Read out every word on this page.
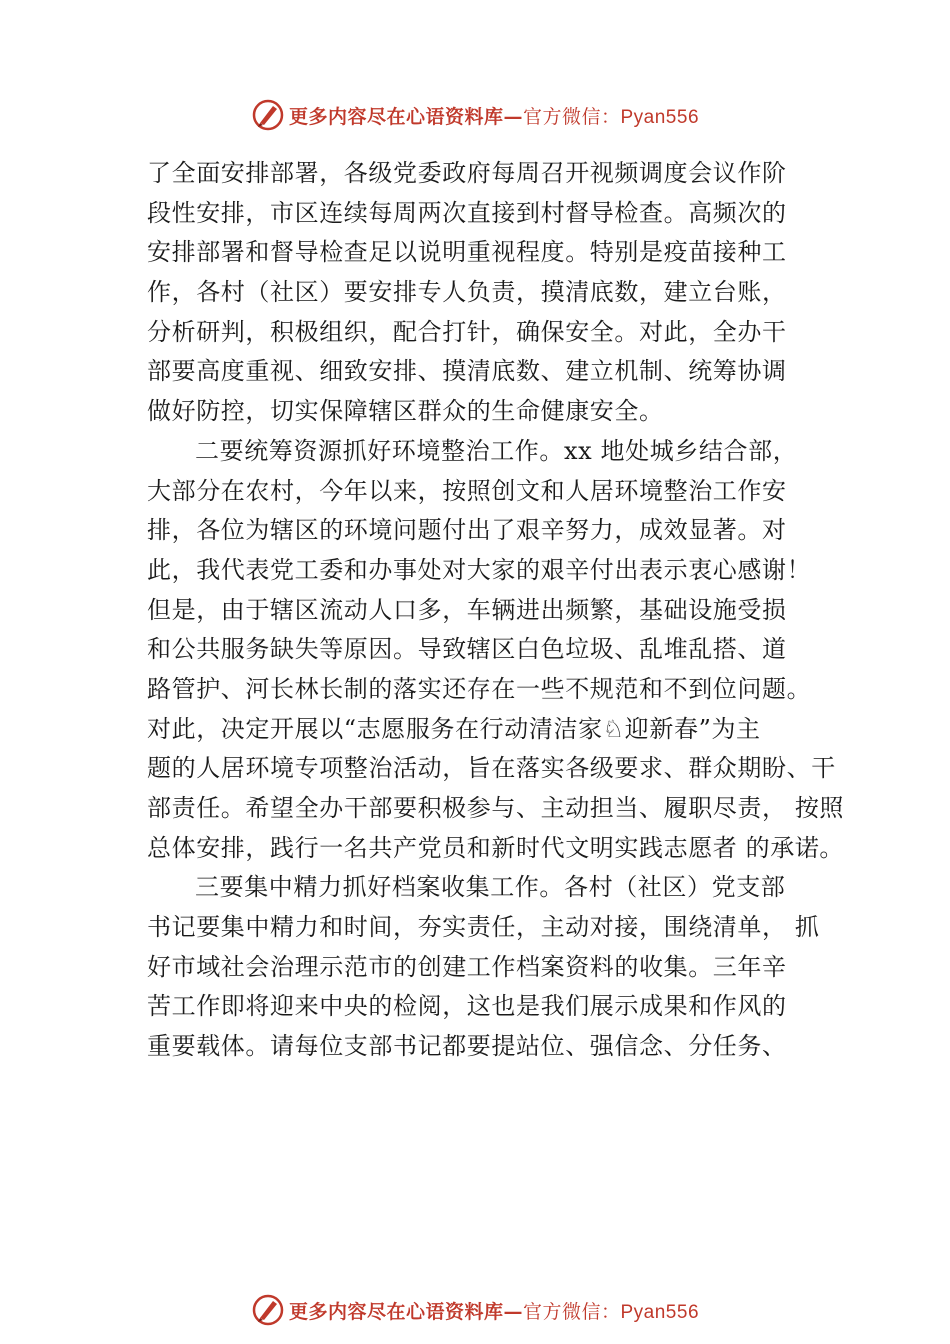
更多内容尽在心语资料库— 官方微信：Pyan556
了全面安排部署，各级党委政府每周召开视频调度会议作阶
段性安排，市区连续每周两次直接到村督导检查。高频次的
安排部署和督导检查足以说明重视程度。特别是疫苗接种工
作，各村（社区）要安排专人负责，摸清底数，建立台账，
分析研判，积极组织，配合打针，确保安全。对此，全办干
部要高度重视、细致安排、摸清底数、建立机制、统筹协调
做好防控，切实保障辖区群众的生命健康安全。
二要统筹资源抓好环境整治工作。xx 地处城乡结合部，
大部分在农村，今年以来，按照创文和人居环境整治工作安
排，各位为辖区的环境问题付出了艰辛努力，成效显著。对
此，我代表党工委和办事处对大家的艰辛付出表示衷心感谢！
但是，由于辖区流动人口多，车辆进出频繁，基础设施受损
和公共服务缺失等原因。导致辖区白色垃圾、乱堆乱搭、道
路管护、河长林长制的落实还存在一些不规范和不到位问题。
对此，决定开展以“志愿服务在行动清洁家♘迎新春”为主
题的人居环境专项整治活动，旨在落实各级要求、群众期盼、干
部责任。希望全办干部要积极参与、主动担当、履职尽责， 按照
总体安排，践行一名共产党员和新时代文明实践志愿者 的承诺。
三要集中精力抓好档案收集工作。各村（社区）党支部
书记要集中精力和时间，夯实责任，主动对接，围绕清单， 抓
好市域社会治理示范市的创建工作档案资料的收集。三年辛
苦工作即将迎来中央的检阅，这也是我们展示成果和作风的
重要载体。请每位支部书记都要提站位、强信念、分任务、
更多内容尽在心语资料库— 官方微信：Pyan556
